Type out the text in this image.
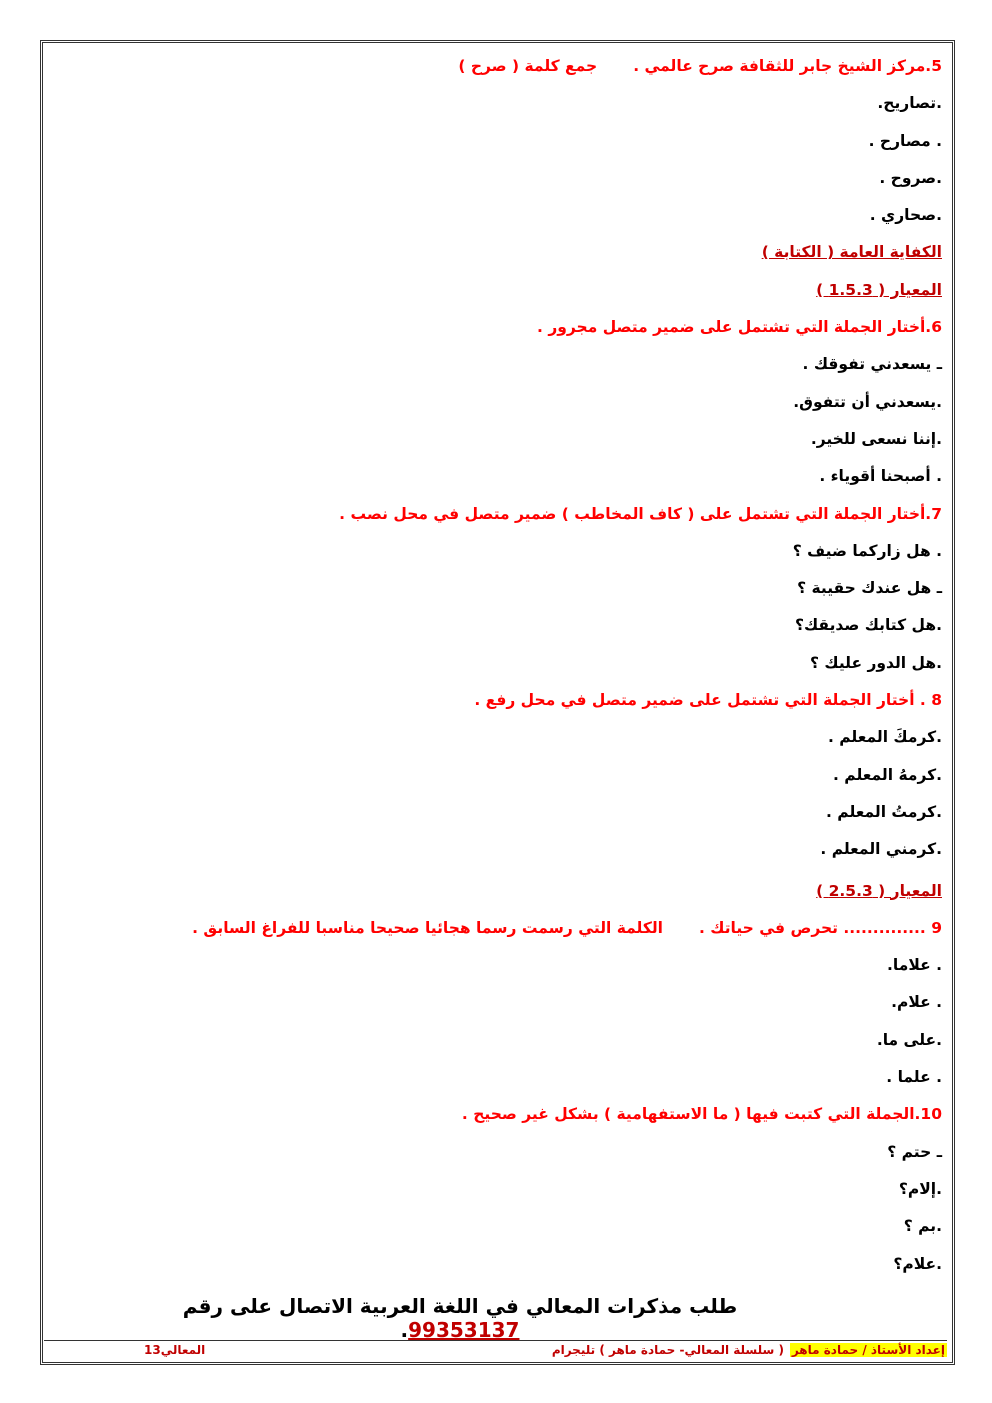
5.مركز الشيخ جابر للثقافة صرح عالمي .جمع كلمة ( صرح )
.تصاريح.
. مصارح .
.صروح .
.صحاري .
الكفاية العامة ( الكتابة )
المعيار ( 1.5.3 )
6.أختار الجملة التي تشتمل على ضمير متصل مجرور .
ـ يسعدني تفوقك .
.يسعدني أن تتفوق.
.إننا نسعى للخير.
. أصبحنا أقوياء .
7.أختار الجملة التي تشتمل على ( كاف المخاطب ) ضمير متصل في محل نصب .
. هل زاركما ضيف ؟
ـ هل عندك حقيبة ؟
.هل كتابك صديقك؟
.هل الدور عليك ؟
8 . أختار الجملة التي تشتمل على ضمير متصل في محل رفع .
.كرمكَ المعلم .
.كرمهُ المعلم .
.كرمتُ المعلم .
.كرمني المعلم .
المعيار ( 2.5.3 )
9 .............. تحرص في حياتك .الكلمة التي رسمت رسما هجائيا صحيحا مناسبا للفراغ السابق .
. علاما.
. علام.
.على ما.
. علما .
10.الجملة التي كتبت فيها ( ما الاستفهامية ) بشكل غير صحيح .
ـ حتم ؟
.إلام؟
.بم ؟
.علام؟
طلب مذكرات المعالي في اللغة العربية الاتصال على رقم 99353137.
إعداد الأستاذ / حمادة ماهر
( سلسلة المعالي- حمادة ماهر ) تليجرام
المعالي13
